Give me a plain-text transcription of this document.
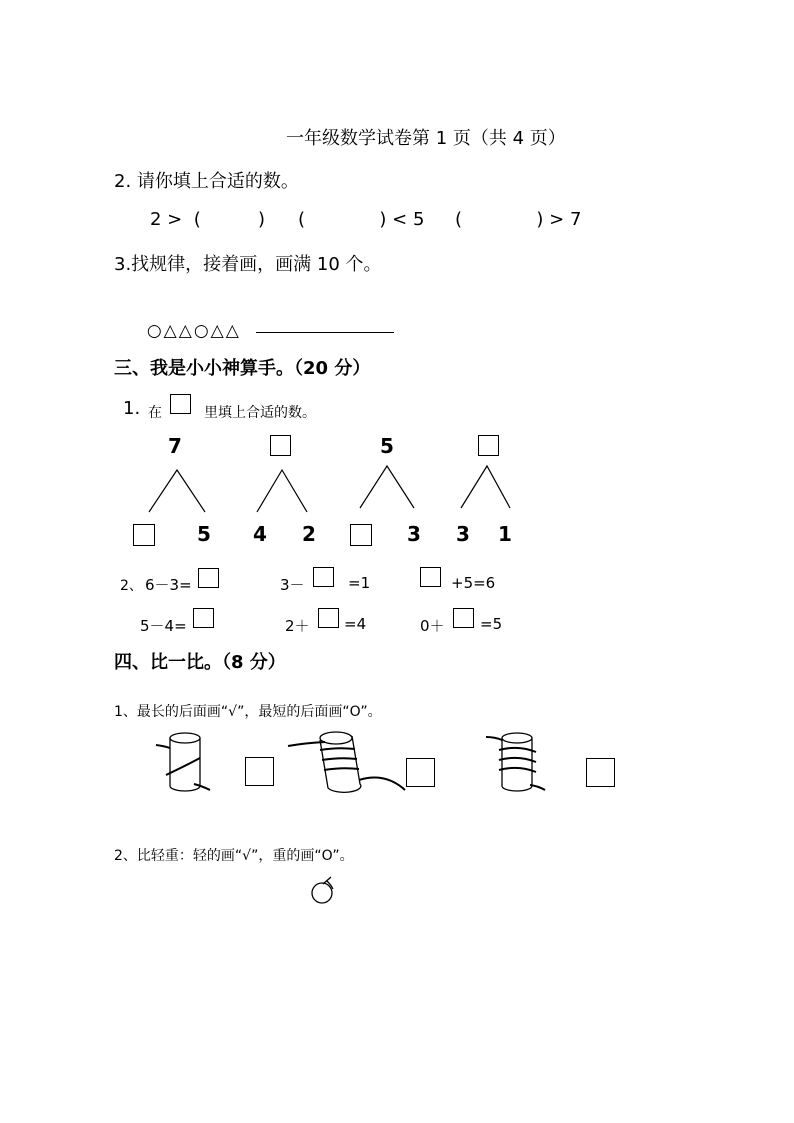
一年级数学试卷第 1 页（共 4 页）
2. 请你填上合适的数。
2 >  (          ) (             ) < 5 (             ) > 7
3.找规律，接着画，画满 10 个。

○△△○△△

三、我是小小神算手。（20 分）
1. 在	里填上合适的数。
7	5
5 4 2	3 3 1
2、 6－3=	3－	=1	+5=6
5－4=	2＋ =4	0＋ =5
四、比一比。（8 分）
1、最长的后面画“√”，最短的后面画“O”。
2、比轻重：轻的画“√”，重的画“O”。
